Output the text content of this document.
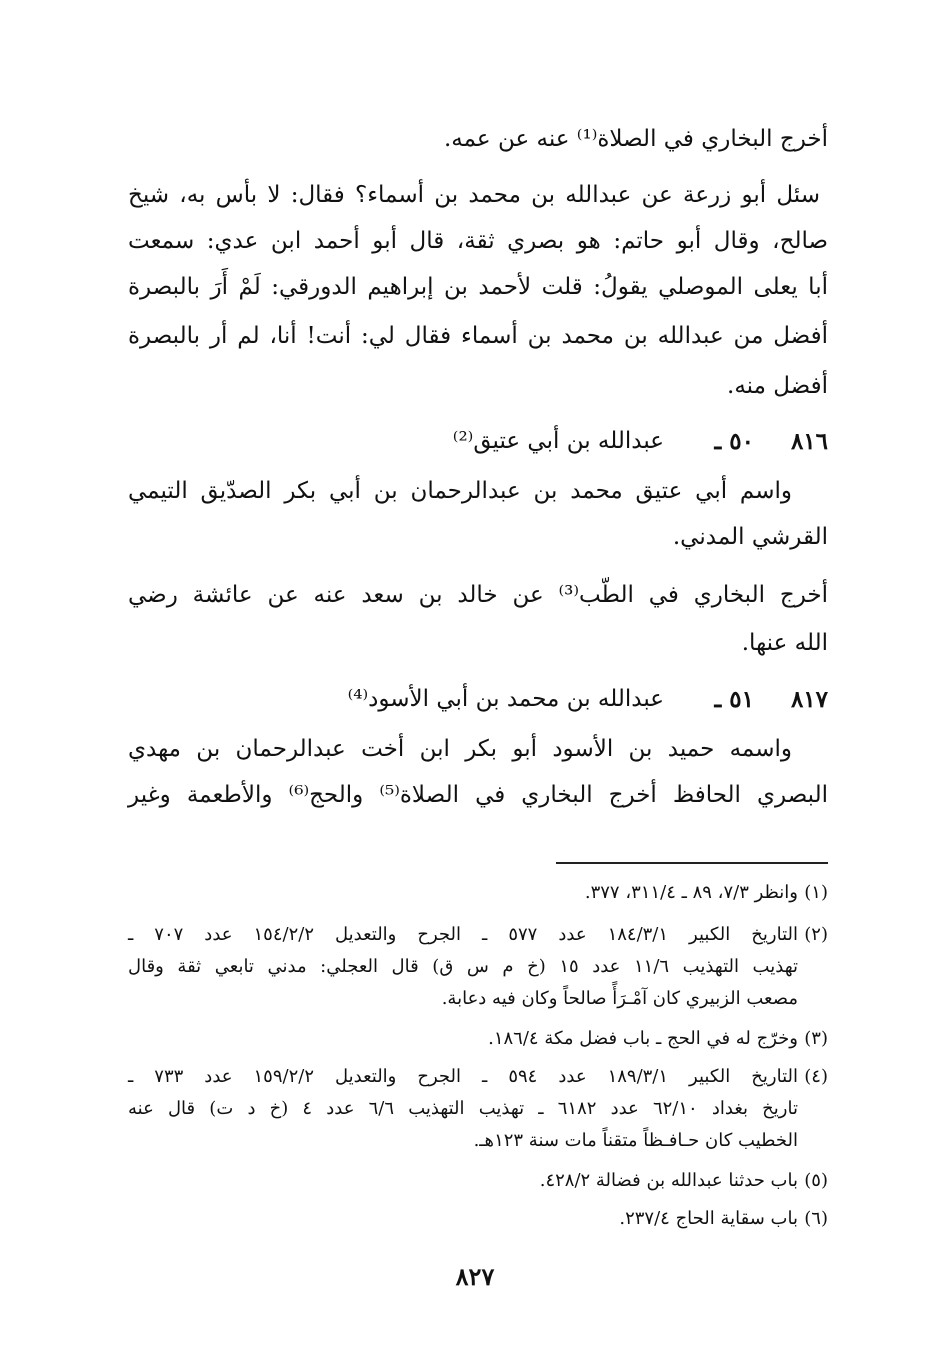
أخرج البخاري في الصلاة⁽¹⁾ عنه عن عمه.
سئل أبو زرعة عن عبدالله بن محمد بن أسماء؟ فقال: لا بأس به، شيخ
صالح، وقال أبو حاتم: هو بصري ثقة، قال أبو أحمد ابن عدي: سمعت
أبا يعلى الموصلي يقولُ: قلت لأحمد بن إبراهيم الدورقي: لَمْ أَرَ بالبصرة
أفضل من عبدالله بن محمد بن أسماء فقال لي: أنت! أنا، لم أر بالبصرة
أفضل منه.
٨١٦
٥٠ ـ
عبدالله بن أبي عتيق⁽²⁾
واسم أبي عتيق محمد بن عبدالرحمان بن أبي بكر الصدّيق التيمي
القرشي المدني.
أخرج البخاري في الطّب⁽³⁾ عن خالد بن سعد عنه عن عائشة رضي
الله عنها.
٨١٧
٥١ ـ
عبدالله بن محمد بن أبي الأسود⁽⁴⁾
واسمه حميد بن الأسود أبو بكر ابن أخت عبدالرحمان بن مهدي
البصري الحافظ أخرج البخاري في الصلاة⁽⁵⁾ والحج⁽⁶⁾ والأطعمة وغير
(١)
وانظر ٧/٣، ٨٩ ـ ٣١١/٤، ٣٧٧.
(٢)
التاريخ الكبير ١٨٤/٣/١ عدد ٥٧٧ ـ الجرح والتعديل ١٥٤/٢/٢ عدد ٧٠٧ ـ
تهذيب التهذيب ١١/٦ عدد ١٥ (خ م س ق) قال العجلي: مدني تابعي ثقة وقال
مصعب الزبيري كان آمْـرَأً صالحاً وكان فيه دعابة.
(٣)
وخرّج له في الحج ـ باب فضل مكة ١٨٦/٤.
(٤)
التاريخ الكبير ١٨٩/٣/١ عدد ٥٩٤ ـ الجرح والتعديل ١٥٩/٢/٢ عدد ٧٣٣ ـ
تاريخ بغداد ٦٢/١٠ عدد ٦١٨٢ ـ تهذيب التهذيب ٦/٦ عدد ٤ (خ د ت) قال عنه
الخطيب كان حـافـظاً متقناً مات سنة ١٢٣هـ.
(٥)
باب حدثنا عبدالله بن فضالة ٤٢٨/٢.
(٦)
باب سقاية الحاج ٢٣٧/٤.
٨٢٧
